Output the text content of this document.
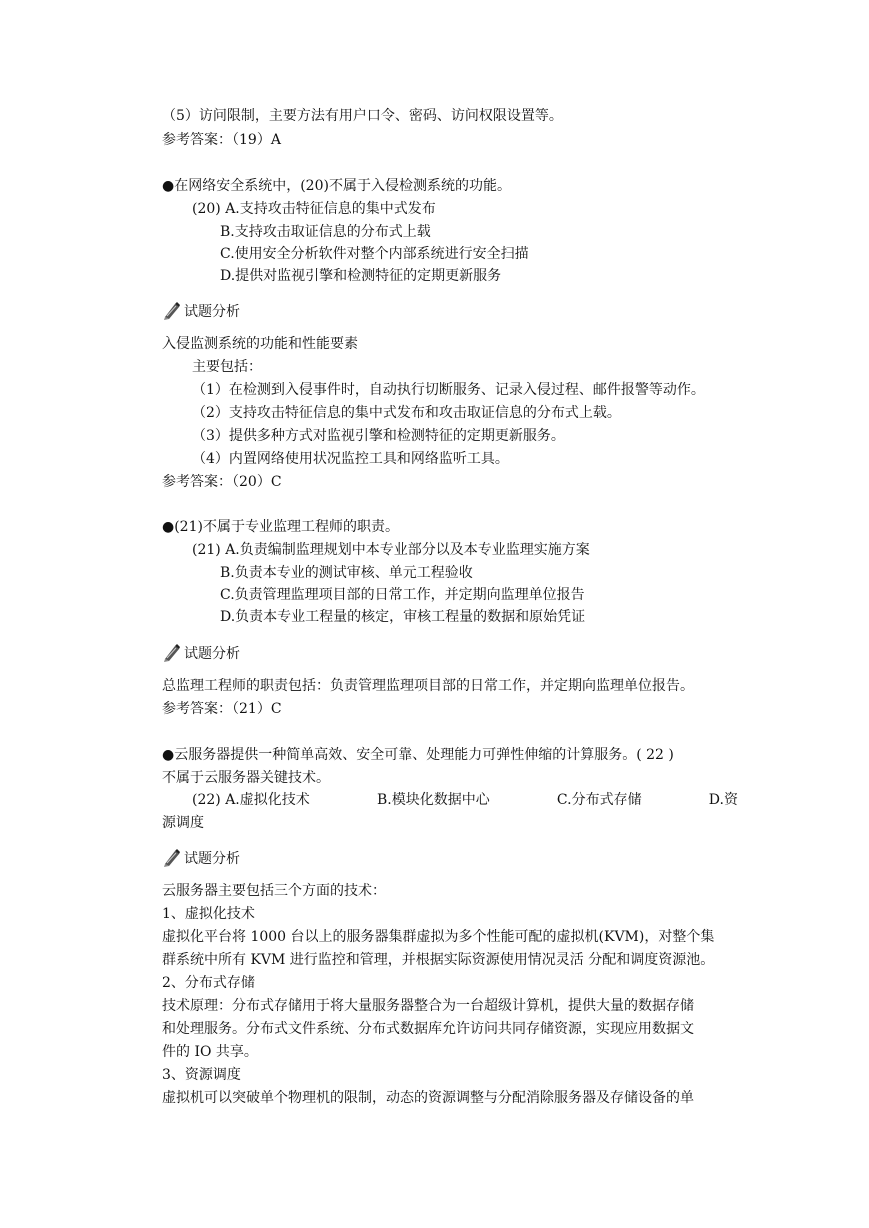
（5）访问限制，主要方法有用户口令、密码、访问权限设置等。
参考答案：（19）A
●在网络安全系统中，(20)不属于入侵检测系统的功能。
(20) A.支持攻击特征信息的集中式发布
B.支持攻击取证信息的分布式上载
C.使用安全分析软件对整个内部系统进行安全扫描
D.提供对监视引擎和检测特征的定期更新服务
试题分析
入侵监测系统的功能和性能要素
主要包括：
（1）在检测到入侵事件时，自动执行切断服务、记录入侵过程、邮件报警等动作。
（2）支持攻击特征信息的集中式发布和攻击取证信息的分布式上载。
（3）提供多种方式对监视引擎和检测特征的定期更新服务。
（4）内置网络使用状况监控工具和网络监听工具。
参考答案：（20）C
●(21)不属于专业监理工程师的职责。
(21) A.负责编制监理规划中本专业部分以及本专业监理实施方案
B.负责本专业的测试审核、单元工程验收
C.负责管理监理项目部的日常工作，并定期向监理单位报告
D.负责本专业工程量的核定，审核工程量的数据和原始凭证
试题分析
总监理工程师的职责包括：负责管理监理项目部的日常工作，并定期向监理单位报告。
参考答案：（21）C
●云服务器提供一种简单高效、安全可靠、处理能力可弹性伸缩的计算服务。( 22 )
不属于云服务器关键技术。
(22) A.虚拟化技术	B.模块化数据中心	C.分布式存储	D.资
源调度
试题分析
云服务器主要包括三个方面的技术：
1、虚拟化技术
虚拟化平台将 1000 台以上的服务器集群虚拟为多个性能可配的虚拟机(KVM)，对整个集
群系统中所有 KVM 进行监控和管理，并根据实际资源使用情况灵活 分配和调度资源池。
2、分布式存储
技术原理：分布式存储用于将大量服务器整合为一台超级计算机，提供大量的数据存储
和处理服务。分布式文件系统、分布式数据库允许访问共同存储资源，实现应用数据文
件的 IO 共享。
3、资源调度
虚拟机可以突破单个物理机的限制，动态的资源调整与分配消除服务器及存储设备的单
